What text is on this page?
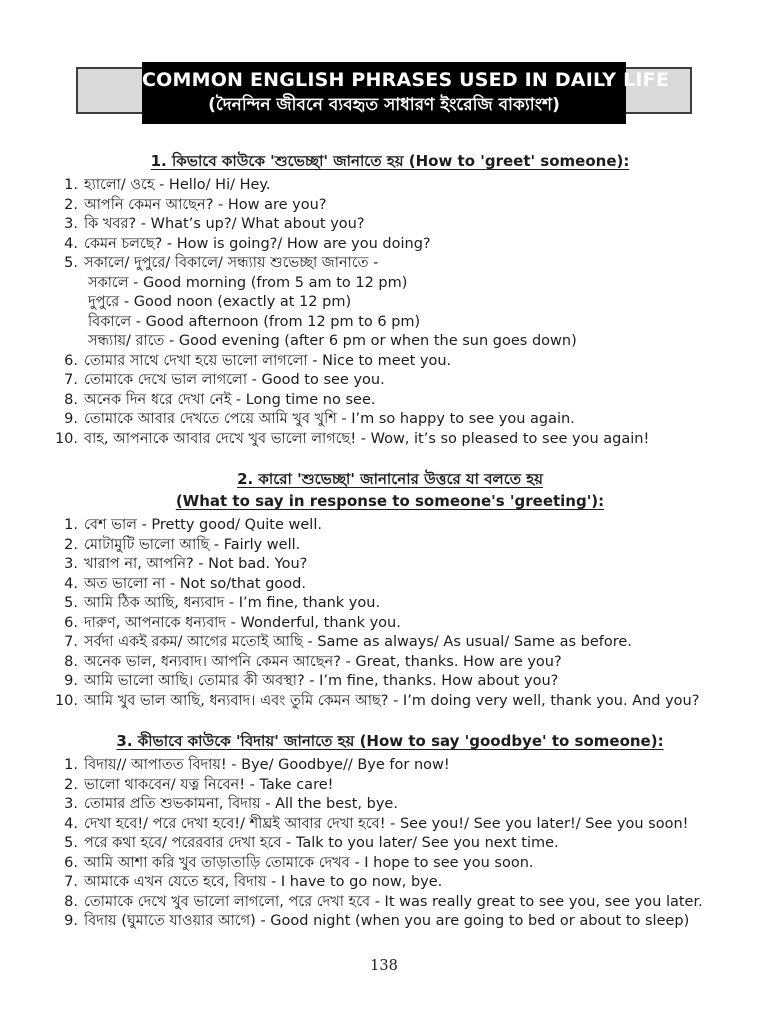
COMMON ENGLISH PHRASES USED IN DAILY LIFE
(দৈনন্দিন জীবনে ব্যবহৃত সাধারণ ইংরেজি বাক্যাংশ)
1. কিভাবে কাউকে 'শুভেচ্ছা' জানাতে হয় (How to 'greet' someone):
1. হ্যালো/ ওহে - Hello/ Hi/ Hey.
2. আপনি কেমন আছেন? - How are you?
3. কি খবর? - What’s up?/ What about you?
4. কেমন চলছে? - How is going?/ How are you doing?
5. সকালে/ দুপুরে/ বিকালে/ সন্ধ্যায় শুভেচ্ছা জানাতে -
সকালে - Good morning (from 5 am to 12 pm)
দুপুরে - Good noon (exactly at 12 pm)
বিকালে - Good afternoon (from 12 pm to 6 pm)
সন্ধ্যায়/ রাতে - Good evening (after 6 pm or when the sun goes down)
6. তোমার সাথে দেখা হয়ে ভালো লাগলো - Nice to meet you.
7. তোমাকে দেখে ভাল লাগলো - Good to see you.
8. অনেক দিন ধরে দেখা নেই - Long time no see.
9. তোমাকে আবার দেখতে পেয়ে আমি খুব খুশি - I’m so happy to see you again.
10. বাহ, আপনাকে আবার দেখে খুব ভালো লাগছে! - Wow, it’s so pleased to see you again!
2. কারো 'শুভেচ্ছা' জানানোর উত্তরে যা বলতে হয়
(What to say in response to someone's 'greeting'):
1. বেশ ভাল - Pretty good/ Quite well.
2. মোটামুটি ভালো আছি - Fairly well.
3. খারাপ না, আপনি? - Not bad. You?
4. অত ভালো না - Not so/that good.
5. আমি ঠিক আছি, ধন্যবাদ - I’m fine, thank you.
6. দারুণ, আপনাকে ধন্যবাদ - Wonderful, thank you.
7. সর্বদা একই রকম/ আগের মতোই আছি - Same as always/ As usual/ Same as before.
8. অনেক ভাল, ধন্যবাদ। আপনি কেমন আছেন? - Great, thanks. How are you?
9. আমি ভালো আছি। তোমার কী অবস্থা? - I’m fine, thanks. How about you?
10. আমি খুব ভাল আছি, ধন্যবাদ। এবং তুমি কেমন আছ? - I’m doing very well, thank you. And you?
3. কীভাবে কাউকে 'বিদায়' জানাতে হয় (How to say 'goodbye' to someone):
1. বিদায়// আপাতত বিদায়! - Bye/ Goodbye// Bye for now!
2. ভালো থাকবেন/ যত্ন নিবেন! - Take care!
3. তোমার প্রতি শুভকামনা, বিদায় - All the best, bye.
4. দেখা হবে!/ পরে দেখা হবে!/ শীঘ্রই আবার দেখা হবে! - See you!/ See you later!/ See you soon!
5. পরে কথা হবে/ পরেরবার দেখা হবে - Talk to you later/ See you next time.
6. আমি আশা করি খুব তাড়াতাড়ি তোমাকে দেখব - I hope to see you soon.
7. আমাকে এখন যেতে হবে, বিদায় - I have to go now, bye.
8. তোমাকে দেখে খুব ভালো লাগলো, পরে দেখা হবে - It was really great to see you, see you later.
9. বিদায় (ঘুমাতে যাওয়ার আগে) - Good night (when you are going to bed or about to sleep)
138
